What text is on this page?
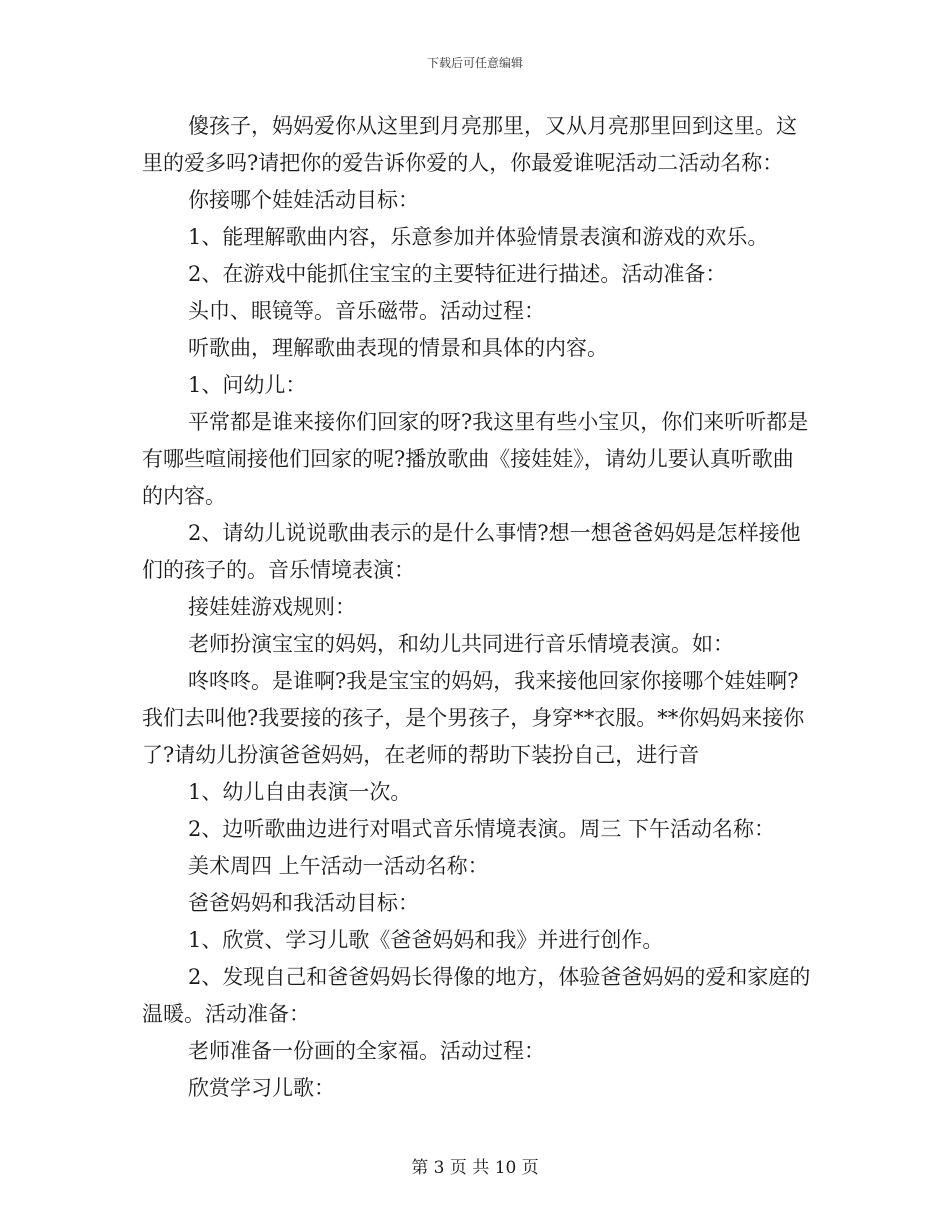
下载后可任意编辑

傻孩子，妈妈爱你从这里到月亮那里，又从月亮那里回到这里。这里的爱多吗?请把你的爱告诉你爱的人，你最爱谁呢活动二活动名称：

你接哪个娃娃活动目标：

1、能理解歌曲内容，乐意参加并体验情景表演和游戏的欢乐。

2、在游戏中能抓住宝宝的主要特征进行描述。活动准备：

头巾、眼镜等。音乐磁带。活动过程：

听歌曲，理解歌曲表现的情景和具体的内容。

1、问幼儿：

平常都是谁来接你们回家的呀?我这里有些小宝贝，你们来听听都是有哪些喧闹接他们回家的呢?播放歌曲《接娃娃》，请幼儿要认真听歌曲的内容。

2、请幼儿说说歌曲表示的是什么事情?想一想爸爸妈妈是怎样接他们的孩子的。音乐情境表演：

接娃娃游戏规则：

老师扮演宝宝的妈妈，和幼儿共同进行音乐情境表演。如：

咚咚咚。是谁啊?我是宝宝的妈妈，我来接他回家你接哪个娃娃啊?我们去叫他?我要接的孩子，是个男孩子，身穿**衣服。**你妈妈来接你了?请幼儿扮演爸爸妈妈，在老师的帮助下装扮自己，进行音

1、幼儿自由表演一次。

2、边听歌曲边进行对唱式音乐情境表演。周三 下午活动名称：

美术周四 上午活动一活动名称：

爸爸妈妈和我活动目标：

1、欣赏、学习儿歌《爸爸妈妈和我》并进行创作。

2、发现自己和爸爸妈妈长得像的地方，体验爸爸妈妈的爱和家庭的温暖。活动准备：

老师准备一份画的全家福。活动过程：

欣赏学习儿歌：

第 3 页 共 10 页
